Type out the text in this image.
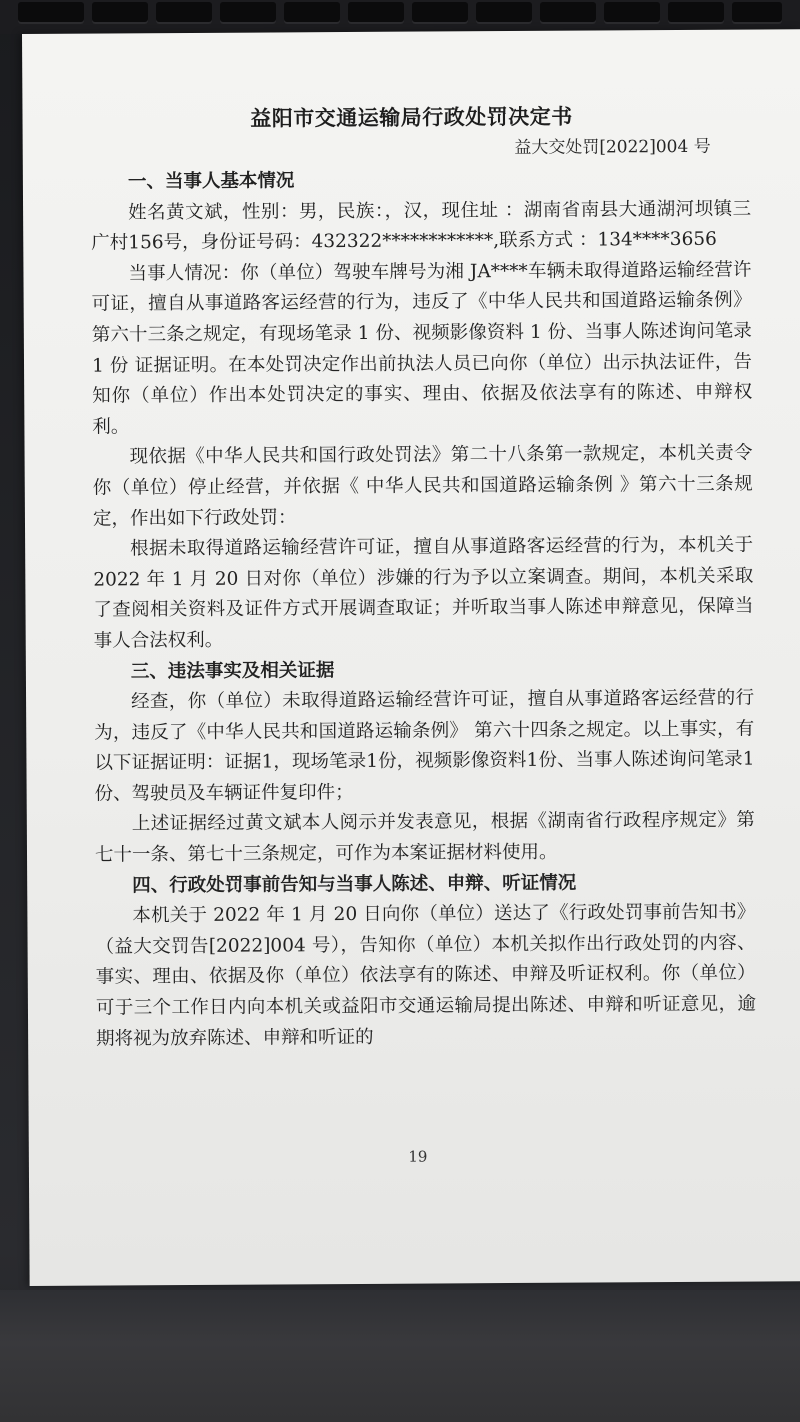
益阳市交通运输局行政处罚决定书
益大交处罚[2022]004 号
一、当事人基本情况

姓名黄文斌，性别：男，民族：，汉，现住址 ：湖南省南县大通湖河坝镇三广村156号，身份证号码：432322************,联系方式 ：134****3656

当事人情况：你（单位）驾驶车牌号为湘 JA****车辆未取得道路运输经营许可证，擅自从事道路客运经营的行为，违反了《中华人民共和国道路运输条例》 第六十三条之规定，有现场笔录 1 份、视频影像资料 1 份、当事人陈述询问笔录 1 份 证据证明。在本处罚决定作出前执法人员已向你（单位）出示执法证件，告知你（单位）作出本处罚决定的事实、理由、依据及依法享有的陈述、申辩权利。

现依据《中华人民共和国行政处罚法》第二十八条第一款规定，本机关责令你（单位）停止经营，并依据《 中华人民共和国道路运输条例 》第六十三条规定，作出如下行政处罚：

根据未取得道路运输经营许可证，擅自从事道路客运经营的行为，本机关于 2022 年 1 月 20 日对你（单位）涉嫌的行为予以立案调查。期间，本机关采取了查阅相关资料及证件方式开展调查取证；并听取当事人陈述申辩意见，保障当事人合法权利。

三、违法事实及相关证据

经查，你（单位）未取得道路运输经营许可证，擅自从事道路客运经营的行为，违反了《中华人民共和国道路运输条例》 第六十四条之规定。以上事实，有以下证据证明：证据1，现场笔录1份，视频影像资料1份、当事人陈述询问笔录1份、驾驶员及车辆证件复印件；

上述证据经过黄文斌本人阅示并发表意见，根据《湖南省行政程序规定》第七十一条、第七十三条规定，可作为本案证据材料使用。

四、行政处罚事前告知与当事人陈述、申辩、听证情况

本机关于 2022 年 1 月 20 日向你（单位）送达了《行政处罚事前告知书》（益大交罚告[2022]004 号），告知你（单位）本机关拟作出行政处罚的内容、事实、理由、依据及你（单位）依法享有的陈述、申辩及听证权利。你（单位）可于三个工作日内向本机关或益阳市交通运输局提出陈述、申辩和听证意见，逾期将视为放弃陈述、申辩和听证的

19
